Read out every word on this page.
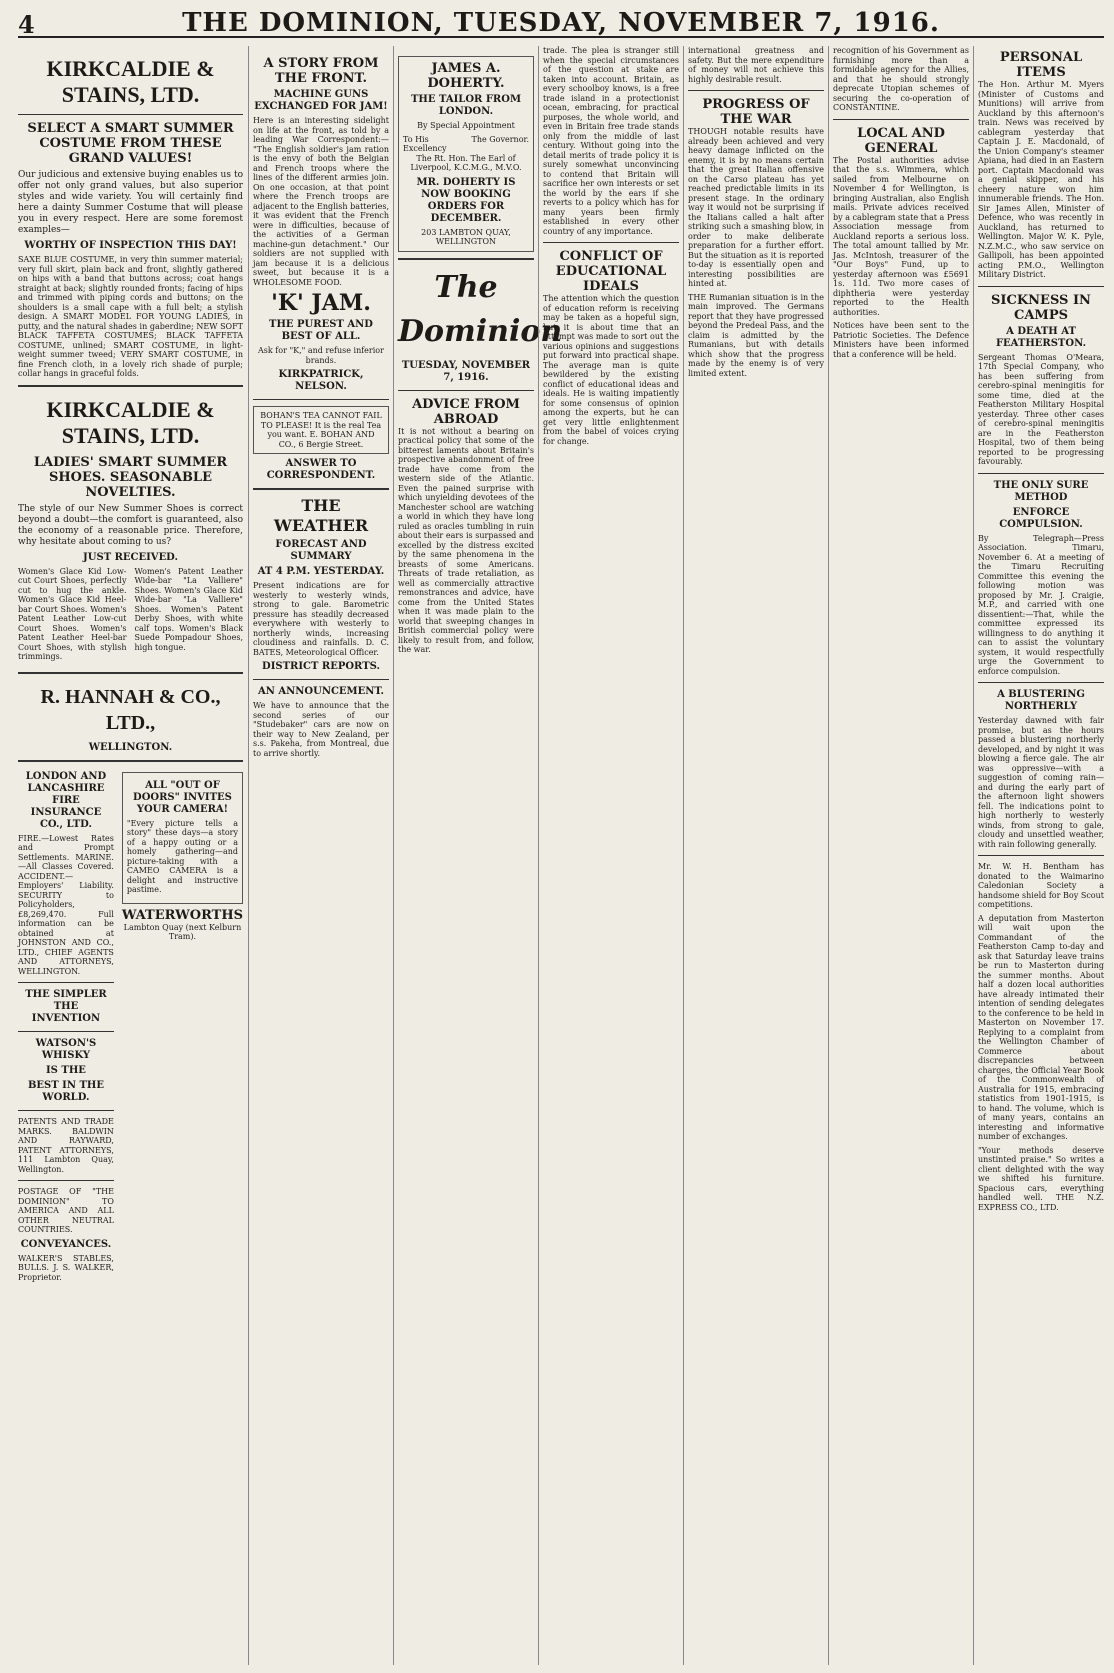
4	THE DOMINION, TUESDAY, NOVEMBER 7, 1916.
KIRKCALDIE & STAINS, LTD.
SELECT A SMART SUMMER COSTUME FROM THESE GRAND VALUES!

Our judicious and extensive buying enables us to offer not only grand values, but also superior styles and wide variety. You will certainly find here a dainty Summer Costume that will please you in every respect. Here are some foremost examples—

WORTHY OF INSPECTION THIS DAY!

SAXE BLUE COSTUME, in very thin summer material; very full skirt, plain back and front, slightly gathered on hips with a band that buttons across; coat hangs straight at back; slightly rounded fronts; facing of hips and trimmed with piping cords and buttons; on the shoulders is a small cape with a full belt; a stylish design. A SMART MODEL FOR YOUNG LADIES, in putty, and the natural shades in gaberdine; NEW SOFT BLACK TAFFETA COSTUMES; BLACK TAFFETA COSTUME, unlined; SMART COSTUME, in light-weight summer tweed; VERY SMART COSTUME, in fine French cloth, in a lovely rich shade of purple; collar hangs in graceful folds.

KIRKCALDIE & STAINS, LTD.
LADIES' SMART SUMMER SHOES. SEASONABLE NOVELTIES.

The style of our New Summer Shoes is correct beyond a doubt—the comfort is guaranteed, also the economy of a reasonable price. Therefore, why hesitate about coming to us?

JUST RECEIVED.

Women's Glace Kid Low-cut Court Shoes, perfectly cut to hug the ankle. Women's Glace Kid Heel-bar Court Shoes. Women's Patent Leather Low-cut Court Shoes. Women's Patent Leather Heel-bar Court Shoes, with stylish trimmings.

Women's Patent Leather Wide-bar "La Valliere" Shoes. Women's Glace Kid Wide-bar "La Valliere" Shoes. Women's Patent Derby Shoes, with white calf tops. Women's Black Suede Pompadour Shoes, high tongue.

R. HANNAH & CO., LTD.,
WELLINGTON.
LONDON AND LANCASHIRE FIRE INSURANCE CO., LTD.

FIRE.—Lowest Rates and Prompt Settlements. MARINE.—All Classes Covered. ACCIDENT.—Employers' Liability. SECURITY to Policyholders, £8,269,470. Full information can be obtained at JOHNSTON AND CO., LTD., CHIEF AGENTS AND ATTORNEYS, WELLINGTON.

THE SIMPLER THE INVENTION
WATSON'S WHISKY
IS THE
BEST IN THE WORLD.

PATENTS AND TRADE MARKS. BALDWIN AND RAYWARD, PATENT ATTORNEYS, 111 Lambton Quay, Wellington.

POSTAGE OF "THE DOMINION" TO AMERICA AND ALL OTHER NEUTRAL COUNTRIES.

CONVEYANCES.

WALKER'S STABLES, BULLS. J. S. WALKER, Proprietor.

ALL "OUT OF DOORS" INVITES YOUR CAMERA!

"Every picture tells a story" these days—a story of a happy outing or a homely gathering—and picture-taking with a CAMEO CAMERA is a delight and instructive pastime.

WATERWORTHS
Lambton Quay (next Kelburn Tram).
A STORY FROM THE FRONT.
MACHINE GUNS EXCHANGED FOR JAM!

Here is an interesting sidelight on life at the front, as told by a leading War Correspondent:— "The English soldier's jam ration is the envy of both the Belgian and French troops where the lines of the different armies join. On one occasion, at that point where the French troops are adjacent to the English batteries, it was evident that the French were in difficulties, because of the activities of a German machine-gun detachment." Our soldiers are not supplied with jam because it is a delicious sweet, but because it is a WHOLESOME FOOD.

'K' JAM.
THE PUREST AND BEST OF ALL.

Ask for "K," and refuse inferior brands.

KIRKPATRICK, NELSON.
BOHAN'S TEA CANNOT FAIL TO PLEASE! It is the real Tea you want. E. BOHAN AND CO., 6 Bergie Street.
ANSWER TO CORRESPONDENT.
THE WEATHER
FORECAST AND SUMMARY
AT 4 P.M. YESTERDAY.

Present indications are for westerly to westerly winds, strong to gale. Barometric pressure has steadily decreased everywhere with westerly to northerly winds, increasing cloudiness and rainfalls. D. C. BATES, Meteorological Officer.

DISTRICT REPORTS.
AN ANNOUNCEMENT.

We have to announce that the second series of our "Studebaker" cars are now on their way to New Zealand, per s.s. Pakeha, from Montreal, due to arrive shortly.

JAMES A. DOHERTY.
THE TAILOR FROM LONDON.

By Special Appointment

To His Excellency
The Governor.

The Rt. Hon. The Earl of Liverpool, K.C.M.G., M.V.O.

MR. DOHERTY IS NOW BOOKING ORDERS FOR DECEMBER.
203 LAMBTON QUAY, WELLINGTON
The Dominion
TUESDAY, NOVEMBER 7, 1916.
ADVICE FROM ABROAD

It is not without a bearing on practical policy that some of the bitterest laments about Britain's prospective abandonment of free trade have come from the western side of the Atlantic. Even the pained surprise with which unyielding devotees of the Manchester school are watching a world in which they have long ruled as oracles tumbling in ruin about their ears is surpassed and excelled by the distress excited by the same phenomena in the breasts of some Americans. Threats of trade retaliation, as well as commercially attractive remonstrances and advice, have come from the United States when it was made plain to the world that sweeping changes in British commercial policy were likely to result from, and follow, the war.

trade. The plea is stranger still when the special circumstances of the question at stake are taken into account. Britain, as every schoolboy knows, is a free trade island in a protectionist ocean, embracing, for practical purposes, the whole world, and even in Britain free trade stands only from the middle of last century. Without going into the detail merits of trade policy it is surely somewhat unconvincing to contend that Britain will sacrifice her own interests or set the world by the ears if she reverts to a policy which has for many years been firmly established in every other country of any importance.

CONFLICT OF EDUCATIONAL IDEALS

The attention which the question of education reform is receiving may be taken as a hopeful sign, but it is about time that an attempt was made to sort out the various opinions and suggestions put forward into practical shape. The average man is quite bewildered by the existing conflict of educational ideas and ideals. He is waiting impatiently for some consensus of opinion among the experts, but he can get very little enlightenment from the babel of voices crying for change.

international greatness and safety. But the mere expenditure of money will not achieve this highly desirable result.

PROGRESS OF THE WAR

THOUGH notable results have already been achieved and very heavy damage inflicted on the enemy, it is by no means certain that the great Italian offensive on the Carso plateau has yet reached predictable limits in its present stage. In the ordinary way it would not be surprising if the Italians called a halt after striking such a smashing blow, in order to make deliberate preparation for a further effort. But the situation as it is reported to-day is essentially open and interesting possibilities are hinted at.

THE Rumanian situation is in the main improved. The Germans report that they have progressed beyond the Predeal Pass, and the claim is admitted by the Rumanians, but with details which show that the progress made by the enemy is of very limited extent.

recognition of his Government as furnishing more than a formidable agency for the Allies, and that he should strongly deprecate Utopian schemes of securing the co-operation of CONSTANTINE.

LOCAL AND GENERAL

The Postal authorities advise that the s.s. Wimmera, which sailed from Melbourne on November 4 for Wellington, is bringing Australian, also English mails. Private advices received by a cablegram state that a Press Association message from Auckland reports a serious loss. The total amount tallied by Mr. Jas. McIntosh, treasurer of the "Our Boys" Fund, up to yesterday afternoon was £5691 1s. 11d. Two more cases of diphtheria were yesterday reported to the Health authorities.

Notices have been sent to the Patriotic Societies. The Defence Ministers have been informed that a conference will be held.

PERSONAL ITEMS

The Hon. Arthur M. Myers (Minister of Customs and Munitions) will arrive from Auckland by this afternoon's train. News was received by cablegram yesterday that Captain J. E. Macdonald, of the Union Company's steamer Apiana, had died in an Eastern port. Captain Macdonald was a genial skipper, and his cheery nature won him innumerable friends. The Hon. Sir James Allen, Minister of Defence, who was recently in Auckland, has returned to Wellington. Major W. K. Pyle, N.Z.M.C., who saw service on Gallipoli, has been appointed acting P.M.O., Wellington Military District.

SICKNESS IN CAMPS
A DEATH AT FEATHERSTON.

Sergeant Thomas O'Meara, 17th Special Company, who has been suffering from cerebro-spinal meningitis for some time, died at the Featherston Military Hospital yesterday. Three other cases of cerebro-spinal meningitis are in the Featherston Hospital, two of them being reported to be progressing favourably.

THE ONLY SURE METHOD
ENFORCE COMPULSION.

By Telegraph—Press Association. Timaru, November 6. At a meeting of the Timaru Recruiting Committee this evening the following motion was proposed by Mr. J. Craigie, M.P., and carried with one dissentient:—That, while the committee expressed its willingness to do anything it can to assist the voluntary system, it would respectfully urge the Government to enforce compulsion.

A BLUSTERING NORTHERLY

Yesterday dawned with fair promise, but as the hours passed a blustering northerly developed, and by night it was blowing a fierce gale. The air was oppressive—with a suggestion of coming rain—and during the early part of the afternoon light showers fell. The indications point to high northerly to westerly winds, from strong to gale, cloudy and unsettled weather, with rain following generally.

Mr. W. H. Bentham has donated to the Waimarino Caledonian Society a handsome shield for Boy Scout competitions.

A deputation from Masterton will wait upon the Commandant of the Featherston Camp to-day and ask that Saturday leave trains be run to Masterton during the summer months. About half a dozen local authorities have already intimated their intention of sending delegates to the conference to be held in Masterton on November 17. Replying to a complaint from the Wellington Chamber of Commerce about discrepancies between charges, the Official Year Book of the Commonwealth of Australia for 1915, embracing statistics from 1901-1915, is to hand. The volume, which is of many years, contains an interesting and informative number of exchanges.

"Your methods deserve unstinted praise." So writes a client delighted with the way we shifted his furniture. Spacious cars, everything handled well. THE N.Z. EXPRESS CO., LTD.
